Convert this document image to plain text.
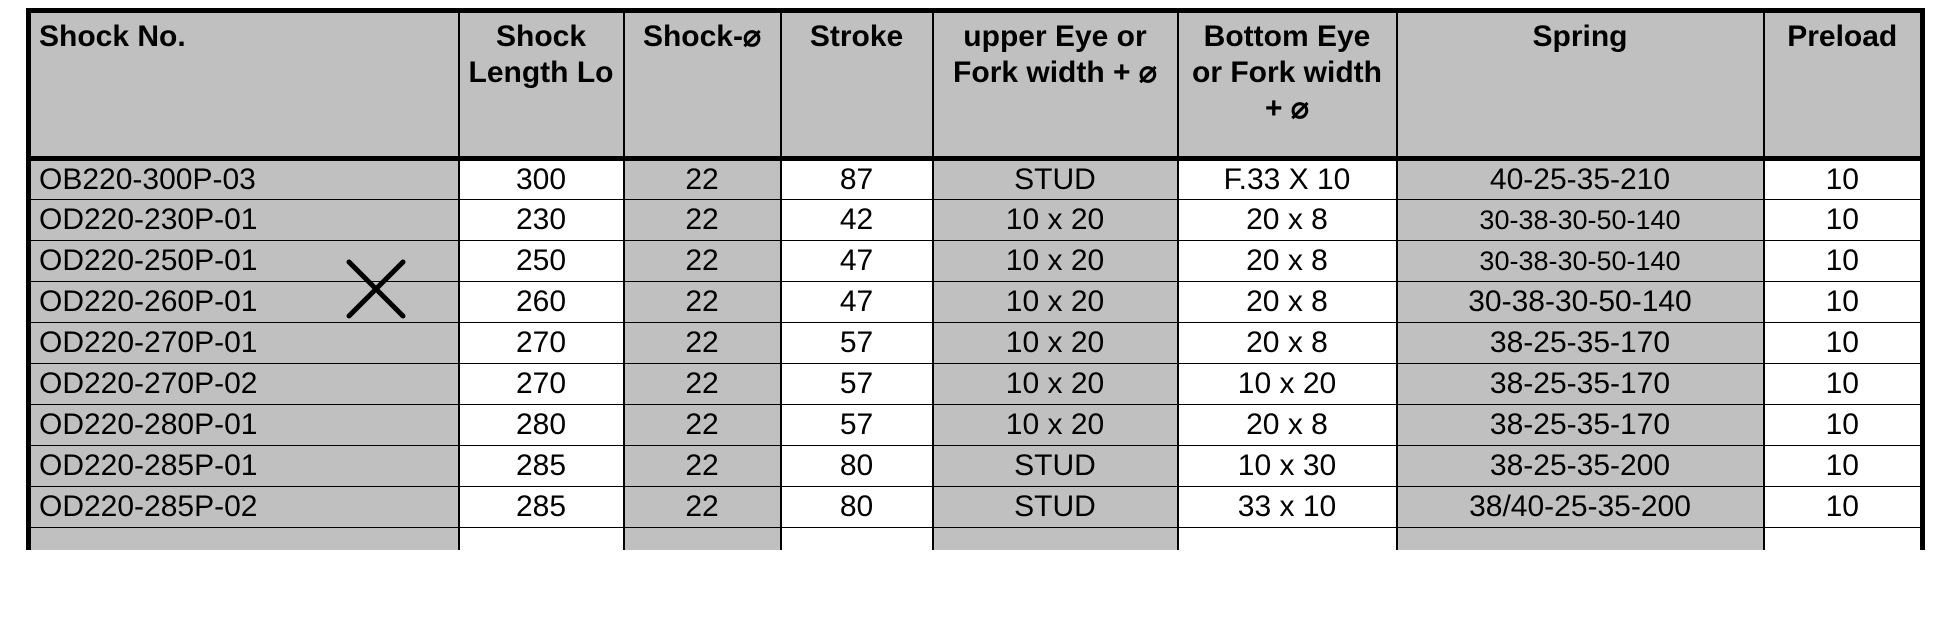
Shock No.	Shock Length Lo	Shock-⌀	Stroke	upper Eye or Fork width + ⌀	Bottom Eye or Fork width + ⌀	Spring	Preload
OB220-300P-03	300	22	87	STUD	F.33 X 10	40-25-35-210	10
OD220-230P-01	230	22	42	10 x 20	20 x 8	30-38-30-50-140	10
OD220-250P-01	250	22	47	10 x 20	20 x 8	30-38-30-50-140	10
OD220-260P-01	260	22	47	10 x 20	20 x 8	30-38-30-50-140	10
OD220-270P-01	270	22	57	10 x 20	20 x 8	38-25-35-170	10
OD220-270P-02	270	22	57	10 x 20	10 x 20	38-25-35-170	10
OD220-280P-01	280	22	57	10 x 20	20 x 8	38-25-35-170	10
OD220-285P-01	285	22	80	STUD	10 x 30	38-25-35-200	10
OD220-285P-02	285	22	80	STUD	33 x 10	38/40-25-35-200	10
